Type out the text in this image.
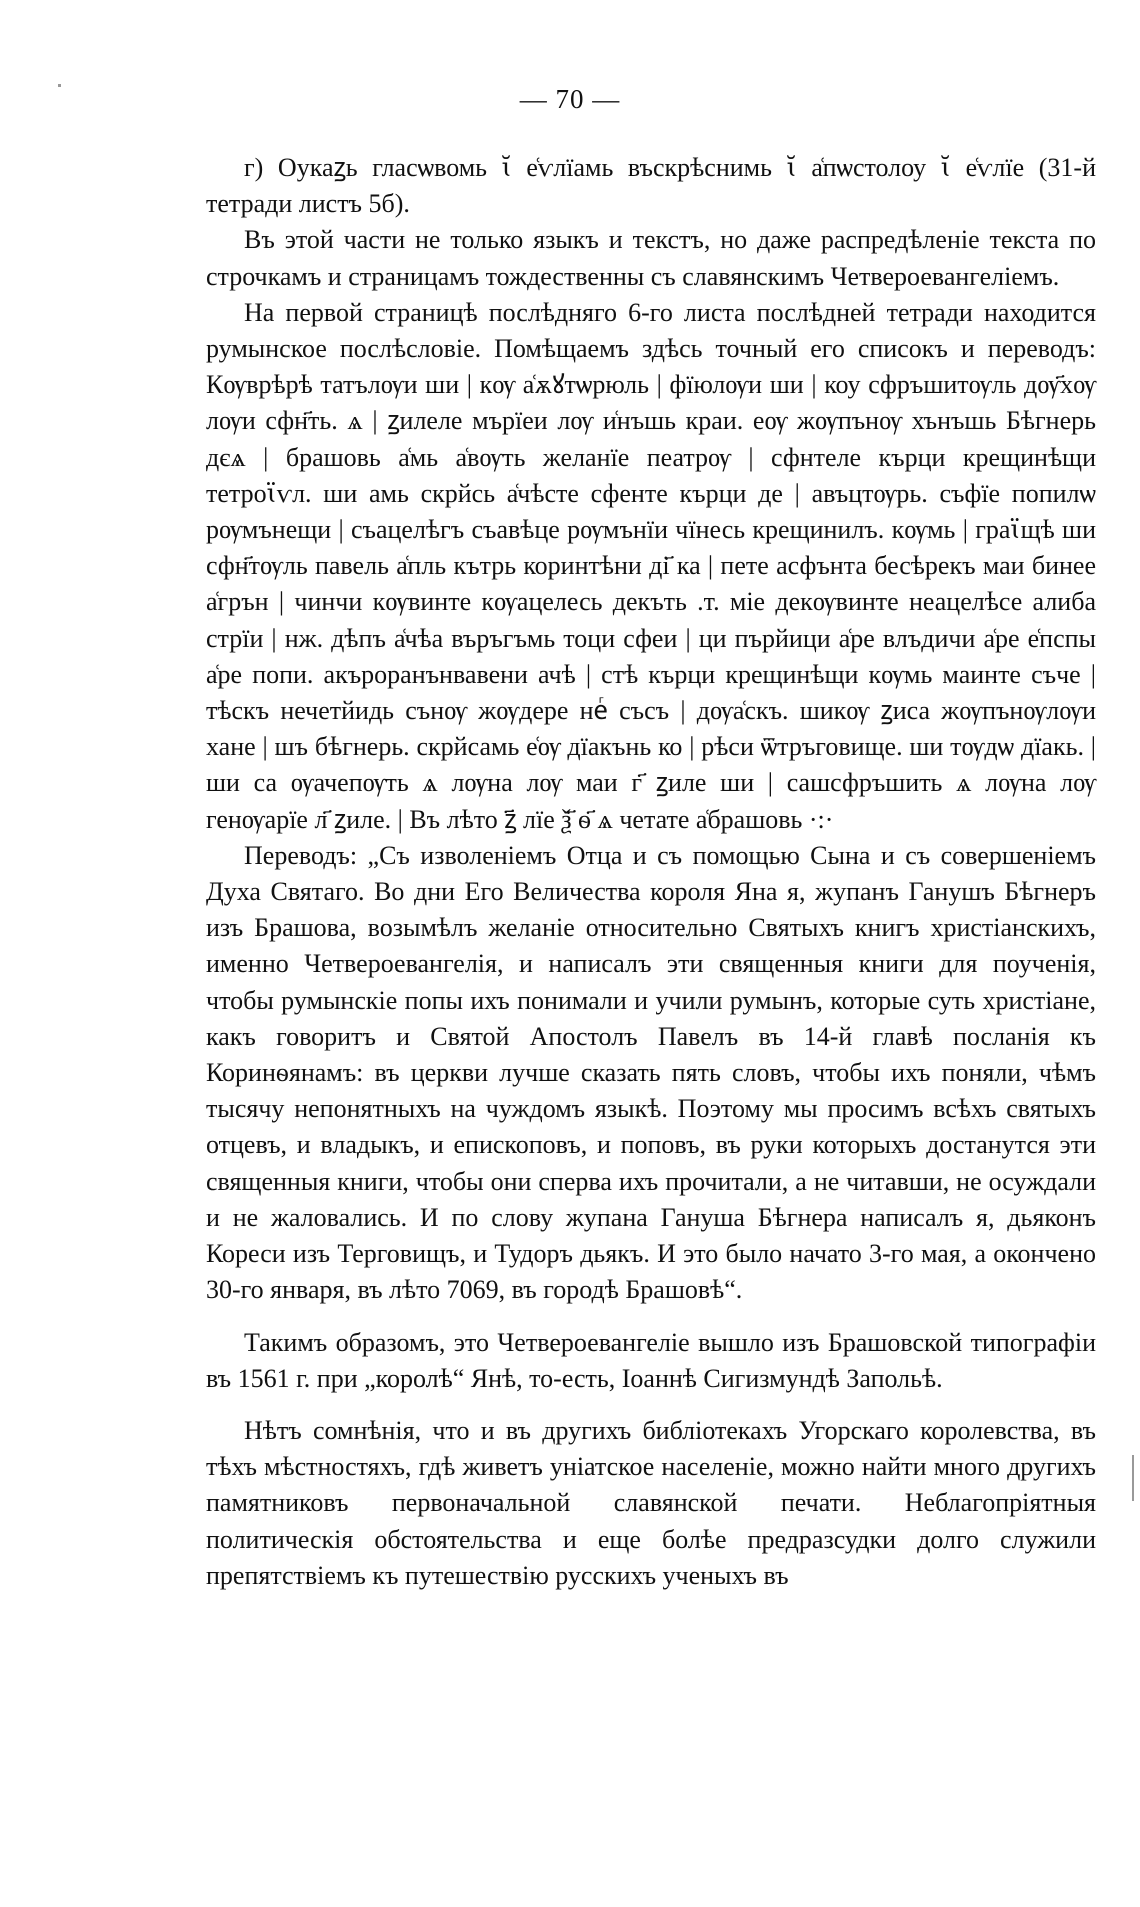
— 70 —

г) Оукаꙁь гласѡвомь ꙇ̆ е͑ѵлїамь въскрѣснимь ꙇ̆ а͑пѡстолоу ꙇ̆ е͑ѵлїе (31-й тетради листъ 5б).

Въ этой части не только языкъ и текстъ, но даже распредѣленіе текста по строчкамъ и страницамъ тождественны съ славянскимъ Четвероевангеліемъ.

На первой страницѣ послѣдняго 6-го листа послѣдней тетради находится румынское послѣсловіе. Помѣщаемъ здѣсь точный его списокъ и переводъ: Кѹврѣрѣ татълѹи ши | кѹ а͑ѫꙋтѡрюль | фїюлѹи ши | коу сфръшитѹль дѹ҃хѹ лѹи сфн҃ть. ѧ | ꙁилеле мърїеи лѹ и͑нъшь краи. еѹ жѹпънѹ хънъшь Бѣгнерь дєѧ | брашовь а͑мь а͑вѹть желанїе пеатрѹ | сфнтеле кърци крещинѣщи тетроꙇ̈ѵл. ши амь скрйсь а͑чѣсте сфенте кърци де | авъцтѹрь. съфїе попилѡ рѹмънещи | съацелѣгъ съавѣце рѹмънїи чїнесь крещинилъ. кѹмь | граꙇ̈щѣ ши сфн҃тѹль павель а͑пль кътрь коринтѣни ді҃ ка | пете асфънта бесѣрекъ маи бинее а͑грън | чинчи кѹвинте кѹацелесь декъть .т. міе декѹвинте неацелѣсе алиба стрїи | нж. дѣпъ а͑чѣа въръгъмь тоци сфеи | ци пърйици а͑ре влъдичи а͑ре е͑пспы а͑ре попи. акъроранънвавени ачѣ | стѣ кърци крещинѣщи кѹмь маинте съче | тѣскъ нечетйидь сънѹ жѹдере неⷢ съсъ | дѹа͑скъ. шикѹ ꙁиса жѹпънѹлѹи хане | шъ бѣгнерь. скрйсамь е͑ѹ дїакънь ко | рѣси ѿтръговище. ши тѹдѡ дїакь. | ши са ѹачепѹть ѧ лѹна лѹ маи г҃ ꙁиле ши | сашсфръшить ѧ лѹна лѹ генѹарїе л҃ ꙁиле. | Въ лѣто ꙁ҃ лїе ѯ҃ ѳ҃ ѧ четате а͑брашовь ·:·

Переводъ: „Съ изволеніемъ Отца и съ помощью Сына и съ совершеніемъ Духа Святаго. Во дни Его Величества короля Яна я, жупанъ Ганушъ Бѣгнеръ изъ Брашова, возымѣлъ желаніе относительно Святыхъ книгъ христіанскихъ, именно Четвероевангелія, и написалъ эти священныя книги для поученія, чтобы румынскіе попы ихъ понимали и учили румынъ, которые суть христіане, какъ говоритъ и Святой Апостолъ Павелъ въ 14-й главѣ посланія къ Коринѳянамъ: въ церкви лучше сказать пять словъ, чтобы ихъ поняли, чѣмъ тысячу непонятныхъ на чуждомъ языкѣ. Поэтому мы просимъ всѣхъ святыхъ отцевъ, и владыкъ, и епископовъ, и поповъ, въ руки которыхъ достанутся эти священныя книги, чтобы они сперва ихъ прочитали, а не читавши, не осуждали и не жаловались. И по слову жупана Гануша Бѣгнера написалъ я, дьяконъ Кореси изъ Терговищъ, и Тудоръ дьякъ. И это было начато 3-го мая, а окончено 30-го января, въ лѣто 7069, въ городѣ Брашовѣ“.

Такимъ образомъ, это Четвероевангеліе вышло изъ Брашовской типографіи въ 1561 г. при „королѣ“ Янѣ, то-есть, Іоаннѣ Сигизмундѣ Запольѣ.

Нѣтъ сомнѣнія, что и въ другихъ библіотекахъ Угорскаго королевства, въ тѣхъ мѣстностяхъ, гдѣ живетъ уніатское населеніе, можно найти много другихъ памятниковъ первоначальной славянской печати. Неблагопріятныя политическія обстоятельства и еще болѣе предразсудки долго служили препятствіемъ къ путешествію русскихъ ученыхъ въ
